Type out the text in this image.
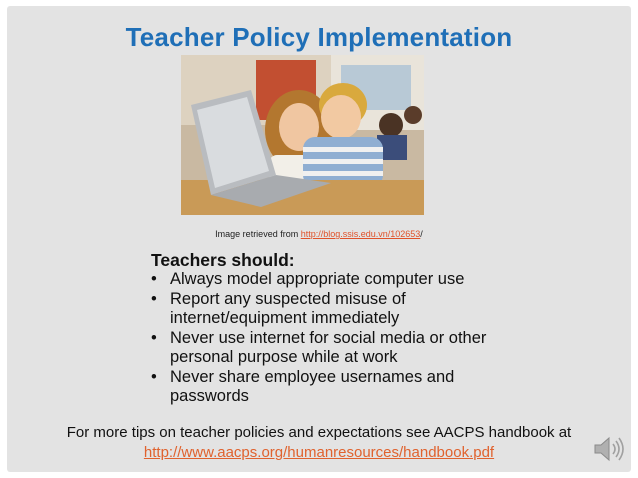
Teacher Policy Implementation
Image retrieved from http://blog.ssis.edu.vn/102653/
Teachers should:
• Always model appropriate computer use
• Report any suspected misuse of internet/equipment immediately
• Never use internet for social media or other personal purpose while at work
• Never share employee usernames and passwords
For more tips on teacher policies and expectations see AACPS handbook at
http://www.aacps.org/humanresources/handbook.pdf
